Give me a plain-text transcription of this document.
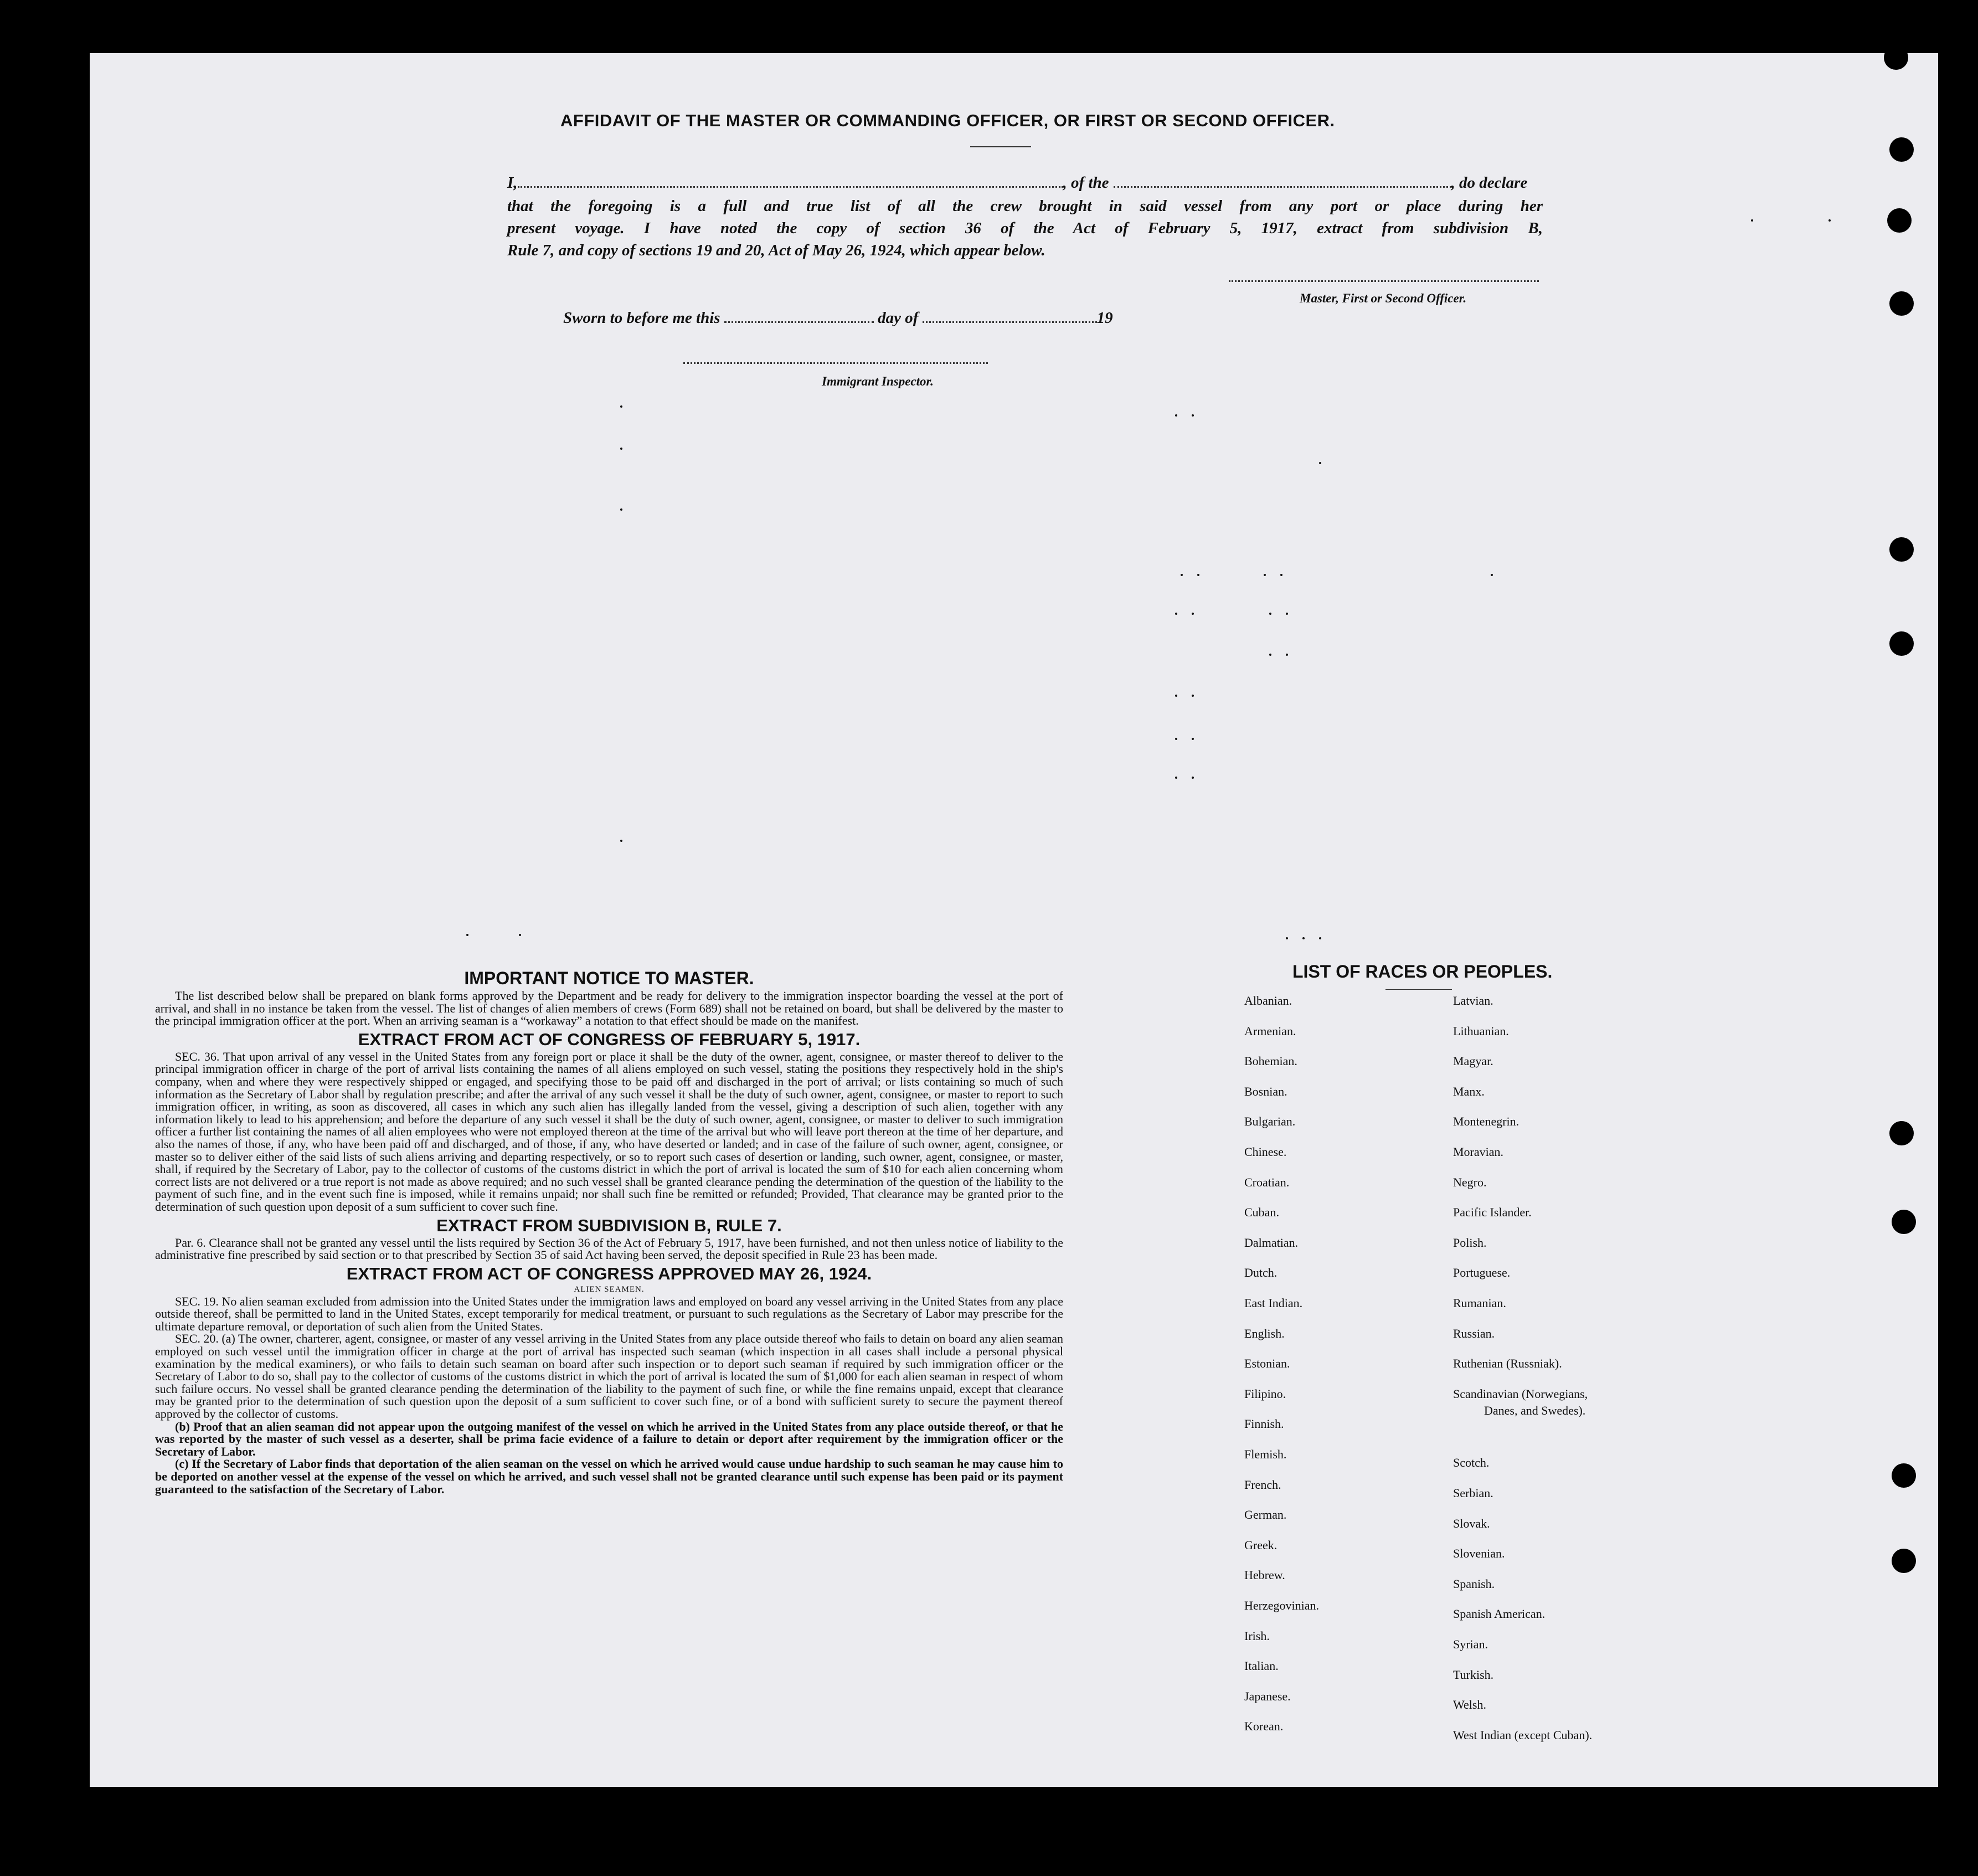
AFFIDAVIT OF THE MASTER OR COMMANDING OFFICER, OR FIRST OR SECOND OFFICER.
I,	, of the	, do declare
that the foregoing is a full and true list of all the crew brought in said vessel from any port or place during her
present voyage. I have noted the copy of section 36 of the Act of February 5, 1917, extract from subdivision B,
Rule 7, and copy of sections 19 and 20, Act of May 26, 1924, which appear below.
Master, First or Second Officer.
Sworn to before me this	day of	19
Immigrant Inspector.
IMPORTANT NOTICE TO MASTER.

The list described below shall be prepared on blank forms approved by the Department and be ready for delivery to the immigration inspector boarding the vessel at the port of arrival, and shall in no instance be taken from the vessel. The list of changes of alien members of crews (Form 689) shall not be retained on board, but shall be delivered by the master to the principal immigration officer at the port. When an arriving seaman is a “workaway” a notation to that effect should be made on the manifest.

EXTRACT FROM ACT OF CONGRESS OF FEBRUARY 5, 1917.

SEC. 36. That upon arrival of any vessel in the United States from any foreign port or place it shall be the duty of the owner, agent, consignee, or master thereof to deliver to the principal immigration officer in charge of the port of arrival lists containing the names of all aliens employed on such vessel, stating the positions they respectively hold in the ship's company, when and where they were respectively shipped or engaged, and specifying those to be paid off and discharged in the port of arrival; or lists containing so much of such information as the Secretary of Labor shall by regulation prescribe; and after the arrival of any such vessel it shall be the duty of such owner, agent, consignee, or master to report to such immigration officer, in writing, as soon as discovered, all cases in which any such alien has illegally landed from the vessel, giving a description of such alien, together with any information likely to lead to his apprehension; and before the departure of any such vessel it shall be the duty of such owner, agent, consignee, or master to deliver to such immigration officer a further list containing the names of all alien employees who were not employed thereon at the time of the arrival but who will leave port thereon at the time of her departure, and also the names of those, if any, who have been paid off and discharged, and of those, if any, who have deserted or landed; and in case of the failure of such owner, agent, consignee, or master so to deliver either of the said lists of such aliens arriving and departing respectively, or so to report such cases of desertion or landing, such owner, agent, consignee, or master, shall, if required by the Secretary of Labor, pay to the collector of customs of the customs district in which the port of arrival is located the sum of $10 for each alien concerning whom correct lists are not delivered or a true report is not made as above required; and no such vessel shall be granted clearance pending the determination of the question of the liability to the payment of such fine, and in the event such fine is imposed, while it remains unpaid; nor shall such fine be remitted or refunded; Provided, That clearance may be granted prior to the determination of such question upon deposit of a sum sufficient to cover such fine.

EXTRACT FROM SUBDIVISION B, RULE 7.

Par. 6. Clearance shall not be granted any vessel until the lists required by Section 36 of the Act of February 5, 1917, have been furnished, and not then unless notice of liability to the administrative fine prescribed by said section or to that prescribed by Section 35 of said Act having been served, the deposit specified in Rule 23 has been made.

EXTRACT FROM ACT OF CONGRESS APPROVED MAY 26, 1924.
ALIEN SEAMEN.

SEC. 19. No alien seaman excluded from admission into the United States under the immigration laws and employed on board any vessel arriving in the United States from any place outside thereof, shall be permitted to land in the United States, except temporarily for medical treatment, or pursuant to such regulations as the Secretary of Labor may prescribe for the ultimate departure removal, or deportation of such alien from the United States.

SEC. 20. (a) The owner, charterer, agent, consignee, or master of any vessel arriving in the United States from any place outside thereof who fails to detain on board any alien seaman employed on such vessel until the immigration officer in charge at the port of arrival has inspected such seaman (which inspection in all cases shall include a personal physical examination by the medical examiners), or who fails to detain such seaman on board after such inspection or to deport such seaman if required by such immigration officer or the Secretary of Labor to do so, shall pay to the collector of customs of the customs district in which the port of arrival is located the sum of $1,000 for each alien seaman in respect of whom such failure occurs. No vessel shall be granted clearance pending the determination of the liability to the payment of such fine, or while the fine remains unpaid, except that clearance may be granted prior to the determination of such question upon the deposit of a sum sufficient to cover such fine, or of a bond with sufficient surety to secure the payment thereof approved by the collector of customs.

(b) Proof that an alien seaman did not appear upon the outgoing manifest of the vessel on which he arrived in the United States from any place outside thereof, or that he was reported by the master of such vessel as a deserter, shall be prima facie evidence of a failure to detain or deport after requirement by the immigration officer or the Secretary of Labor.

(c) If the Secretary of Labor finds that deportation of the alien seaman on the vessel on which he arrived would cause undue hardship to such seaman he may cause him to be deported on another vessel at the expense of the vessel on which he arrived, and such vessel shall not be granted clearance until such expense has been paid or its payment guaranteed to the satisfaction of the Secretary of Labor.

LIST OF RACES OR PEOPLES.
Albanian.
Armenian.
Bohemian.
Bosnian.
Bulgarian.
Chinese.
Croatian.
Cuban.
Dalmatian.
Dutch.
East Indian.
English.
Estonian.
Filipino.
Finnish.
Flemish.
French.
German.
Greek.
Hebrew.
Herzegovinian.
Irish.
Italian.
Japanese.
Korean.
Latvian.
Lithuanian.
Magyar.
Manx.
Montenegrin.
Moravian.
Negro.
Pacific Islander.
Polish.
Portuguese.
Rumanian.
Russian.
Ruthenian (Russniak).
Scandinavian (Norwegians,
Danes, and Swedes).
Scotch.
Serbian.
Slovak.
Slovenian.
Spanish.
Spanish American.
Syrian.
Turkish.
Welsh.
West Indian (except Cuban).
